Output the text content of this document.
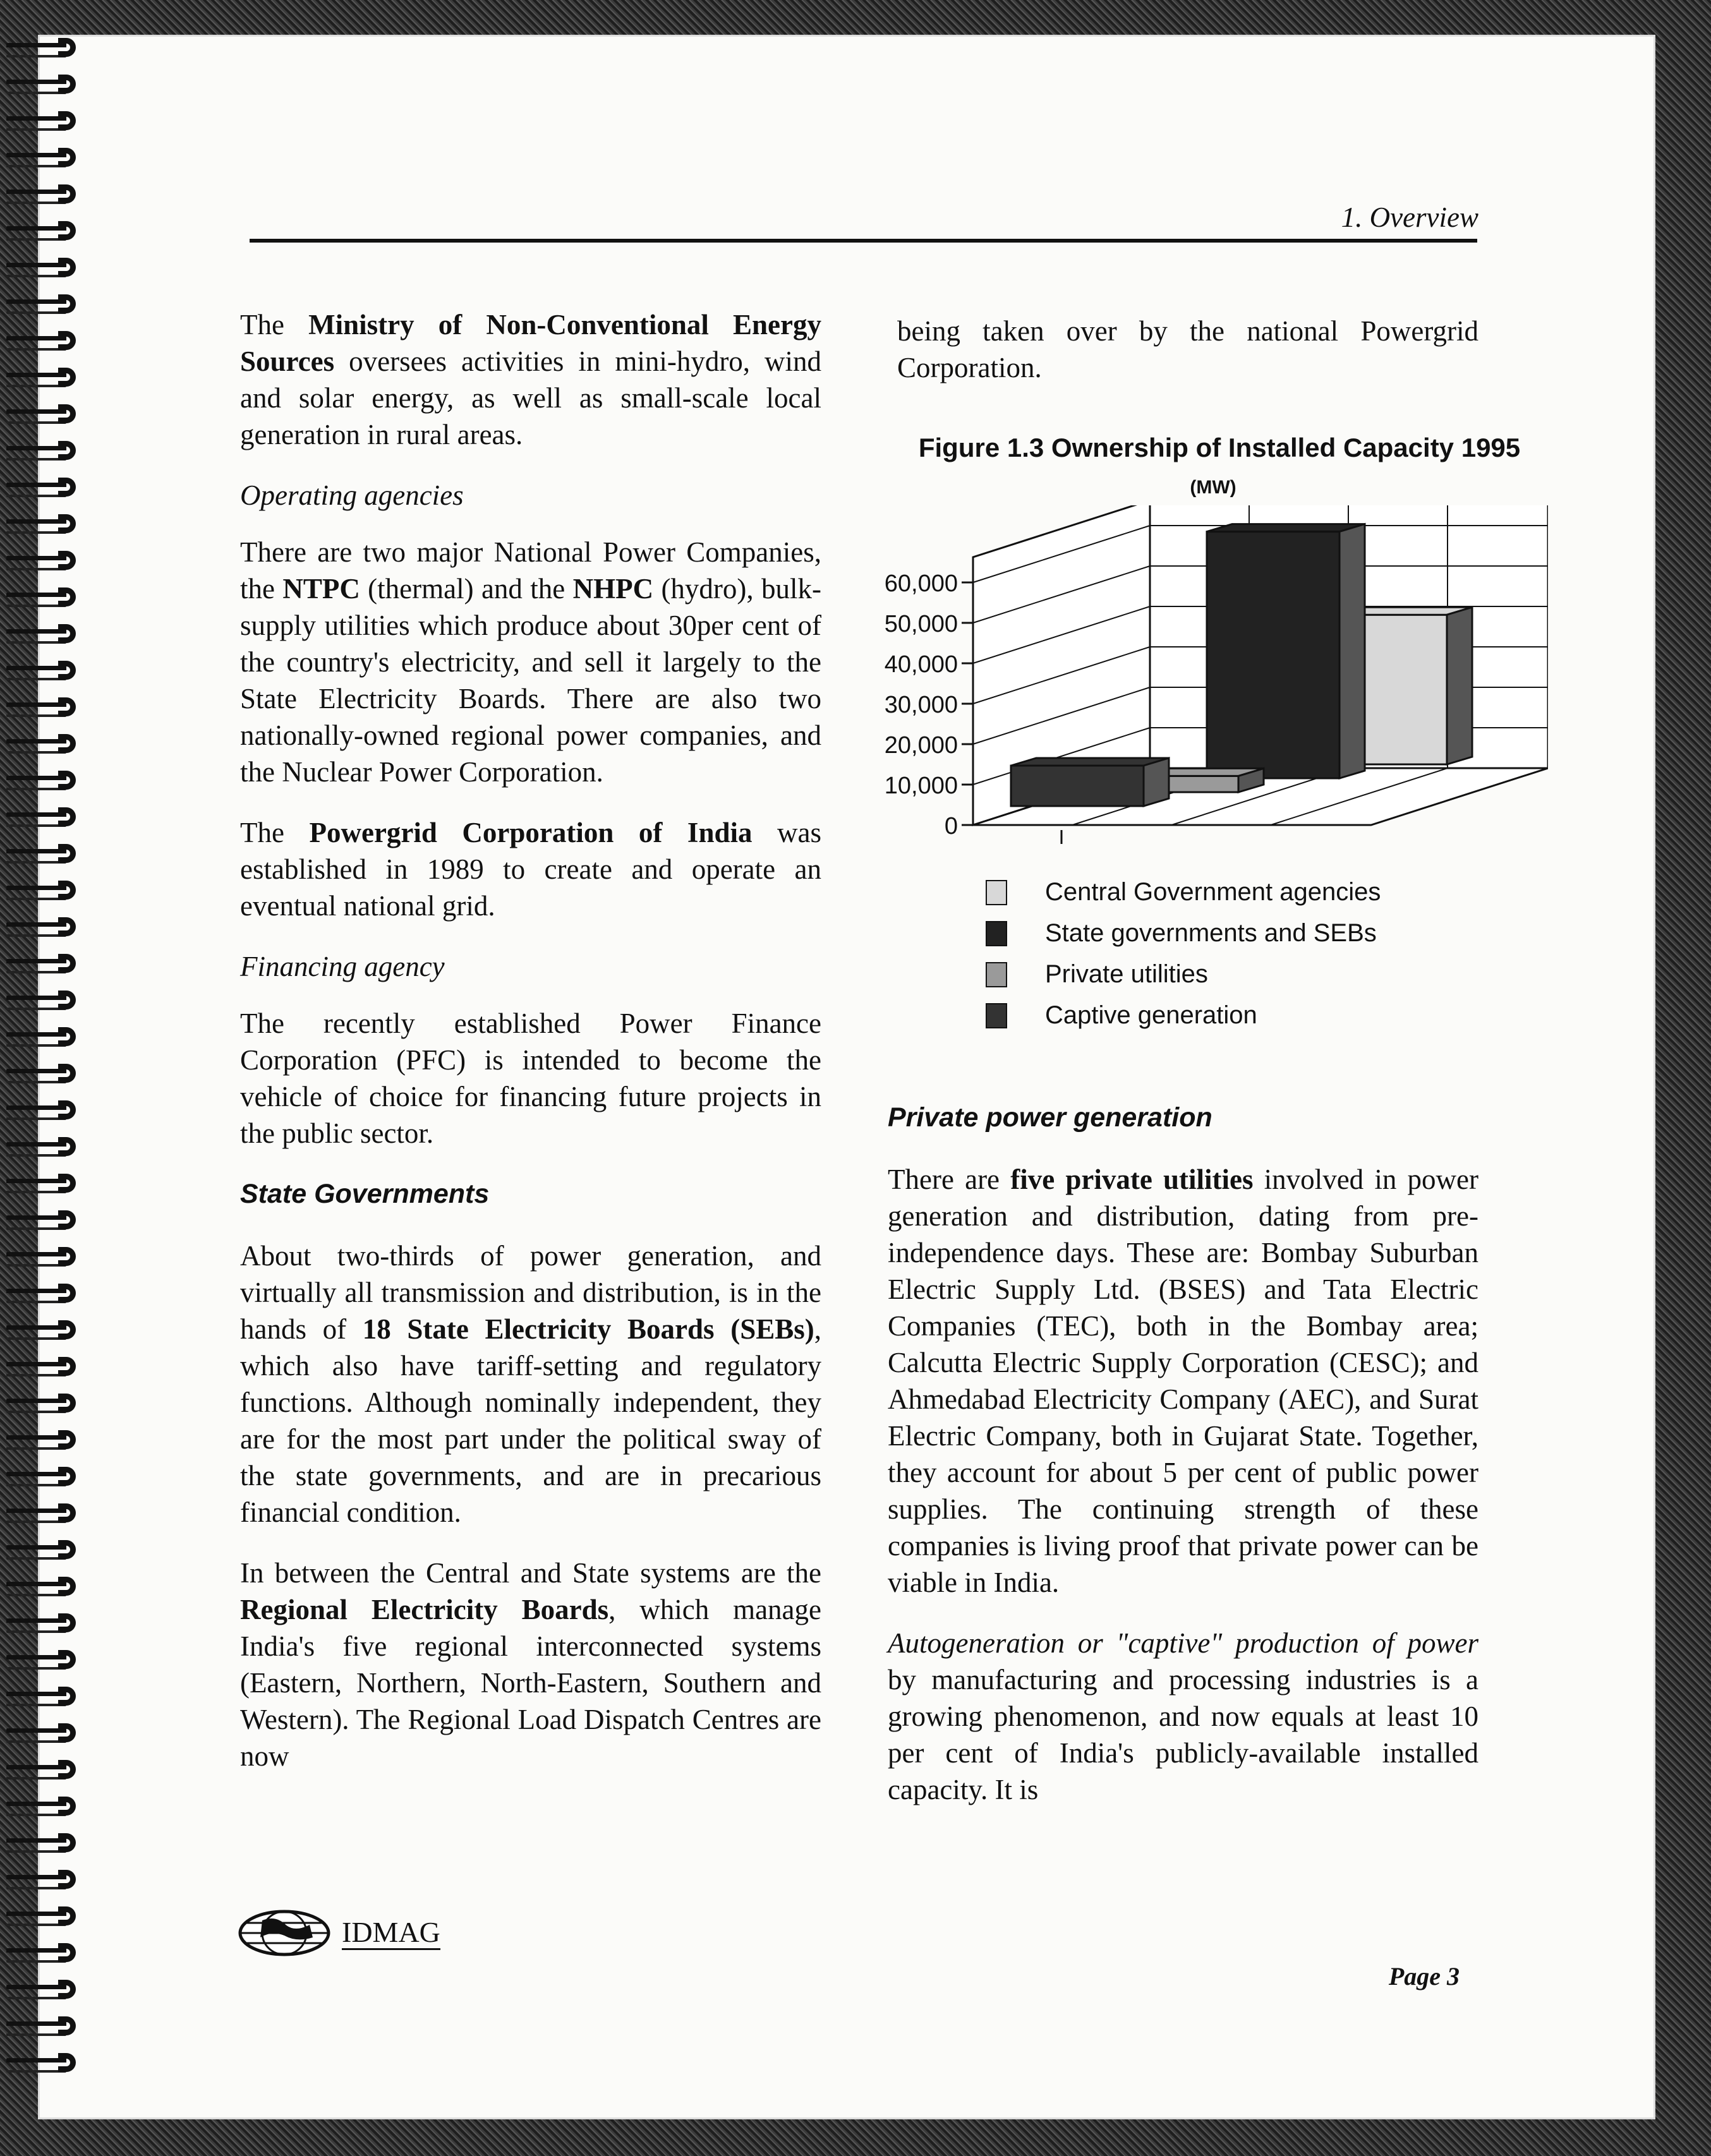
1. Overview

The Ministry of Non-Conventional Energy Sources oversees activities in mini-hydro, wind and solar energy, as well as small-scale local generation in rural areas.

Operating agencies

There are two major National Power Companies, the NTPC (thermal) and the NHPC (hydro), bulk-supply utilities which produce about 30per cent of the country's electricity, and sell it largely to the State Electricity Boards. There are also two nationally-owned regional power companies, and the Nuclear Power Corporation.

The Powergrid Corporation of India was established in 1989 to create and operate an eventual national grid.

Financing agency

The recently established Power Finance Corporation (PFC) is intended to become the vehicle of choice for financing future projects in the public sector.

State Governments

About two-thirds of power generation, and virtually all transmission and distribution, is in the hands of 18 State Electricity Boards (SEBs), which also have tariff-setting and regulatory functions. Although nominally independent, they are for the most part under the political sway of the state governments, and are in precarious financial condition.

In between the Central and State systems are the Regional Electricity Boards, which manage India's five regional interconnected systems (Eastern, Northern, North-Eastern, Southern and Western). The Regional Load Dispatch Centres are now

being taken over by the national Powergrid Corporation.

Figure 1.3 Ownership of Installed Capacity 1995
(MW)
0
10,000
20,000
30,000
40,000
50,000
60,000
Central Government agencies
State governments and SEBs
Private utilities
Captive generation
Private power generation

There are five private utilities involved in power generation and distribution, dating from pre-independence days. These are: Bombay Suburban Electric Supply Ltd. (BSES) and Tata Electric Companies (TEC), both in the Bombay area; Calcutta Electric Supply Corporation (CESC); and Ahmedabad Electricity Company (AEC), and Surat Electric Company, both in Gujarat State. Together, they account for about 5 per cent of public power supplies. The continuing strength of these companies is living proof that private power can be viable in India.

Autogeneration or "captive" production of power by manufacturing and processing industries is a growing phenomenon, and now equals at least 10 per cent of India's publicly-available installed capacity. It is

IDMAG
Page 3
